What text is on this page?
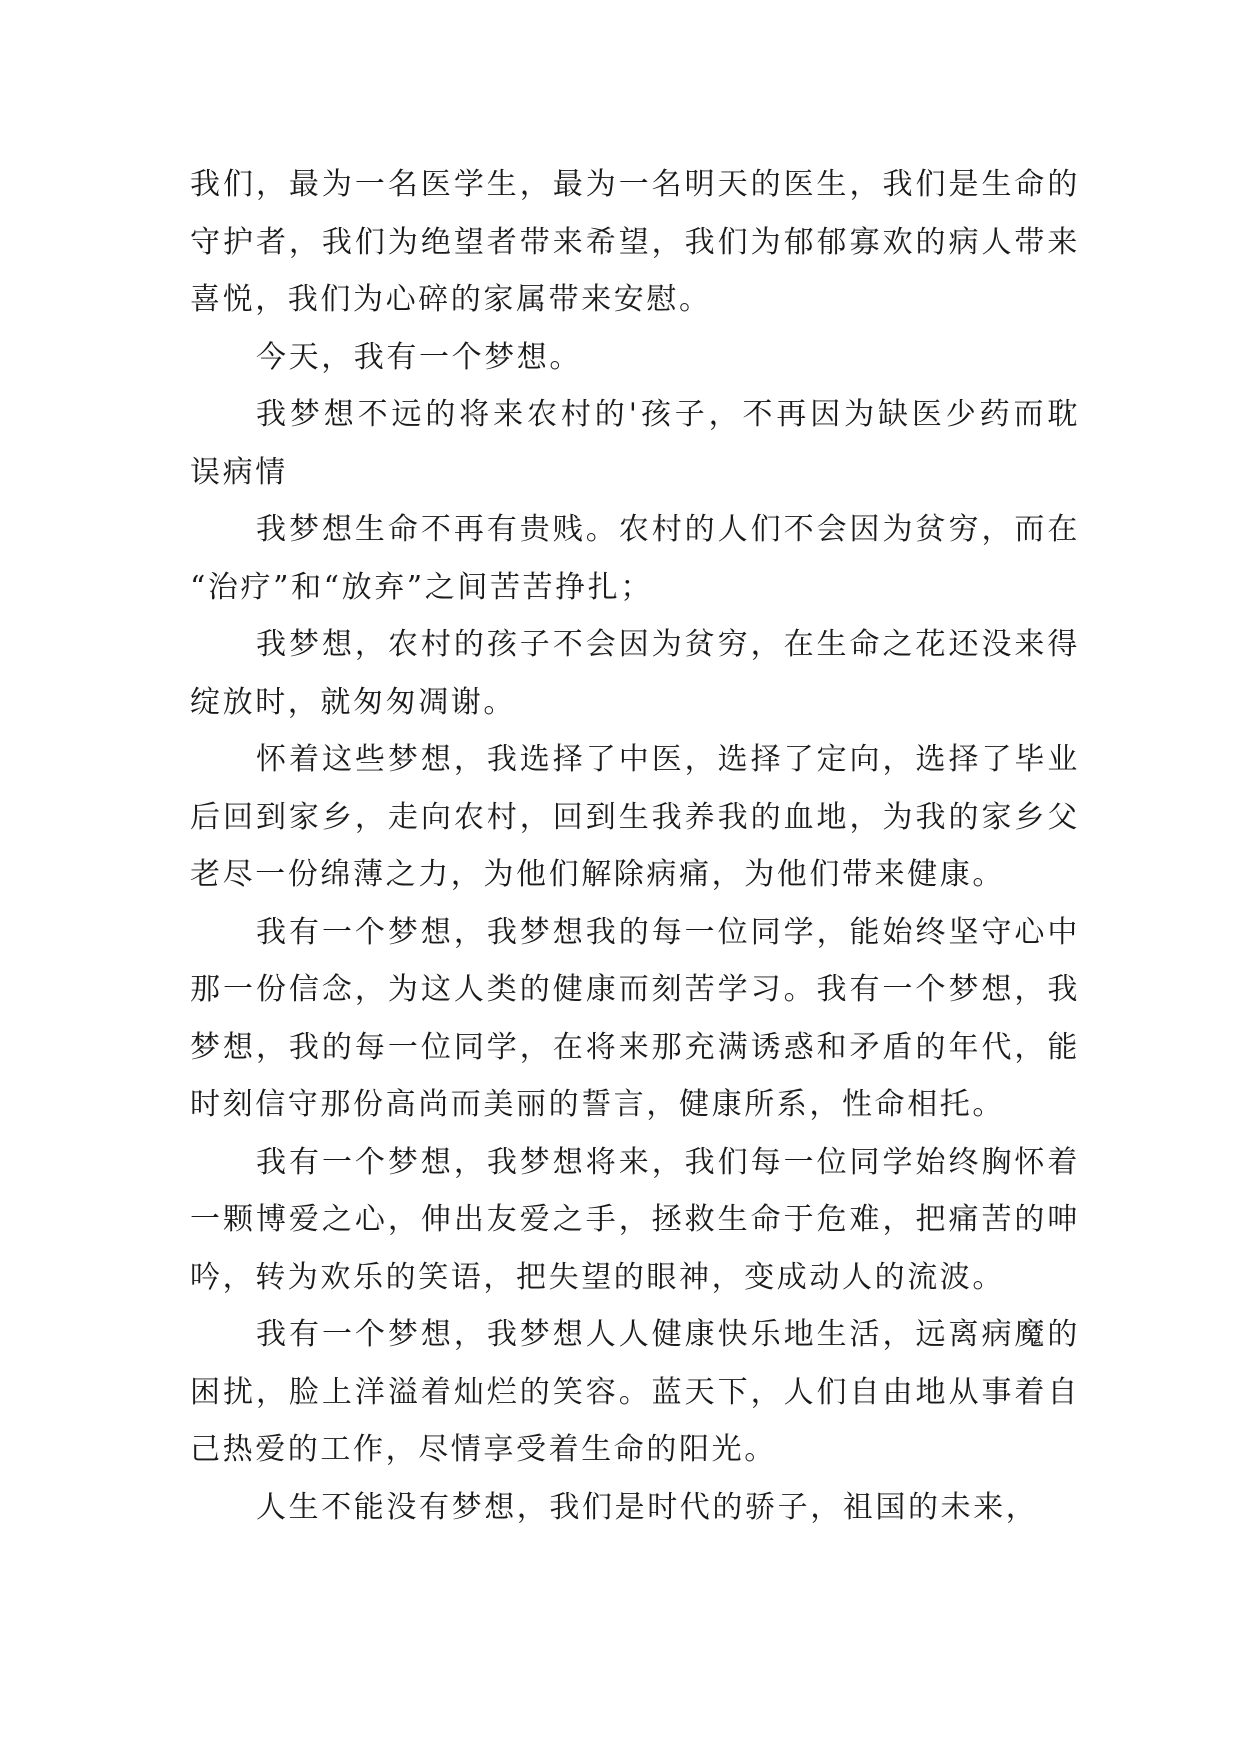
我们，最为一名医学生，最为一名明天的医生，我们是生命的守护者，我们为绝望者带来希望，我们为郁郁寡欢的病人带来喜悦，我们为心碎的家属带来安慰。

今天，我有一个梦想。

我梦想不远的将来农村的'孩子，不再因为缺医少药而耽误病情

我梦想生命不再有贵贱。农村的人们不会因为贫穷，而在“治疗”和“放弃”之间苦苦挣扎；

我梦想，农村的孩子不会因为贫穷，在生命之花还没来得绽放时，就匆匆凋谢。

怀着这些梦想，我选择了中医，选择了定向，选择了毕业后回到家乡，走向农村，回到生我养我的血地，为我的家乡父老尽一份绵薄之力，为他们解除病痛，为他们带来健康。

我有一个梦想，我梦想我的每一位同学，能始终坚守心中那一份信念，为这人类的健康而刻苦学习。我有一个梦想，我梦想，我的每一位同学，在将来那充满诱惑和矛盾的年代，能时刻信守那份高尚而美丽的誓言，健康所系，性命相托。

我有一个梦想，我梦想将来，我们每一位同学始终胸怀着一颗博爱之心，伸出友爱之手，拯救生命于危难，把痛苦的呻吟，转为欢乐的笑语，把失望的眼神，变成动人的流波。

我有一个梦想，我梦想人人健康快乐地生活，远离病魔的困扰，脸上洋溢着灿烂的笑容。蓝天下，人们自由地从事着自己热爱的工作，尽情享受着生命的阳光。

人生不能没有梦想，我们是时代的骄子，祖国的未来，
